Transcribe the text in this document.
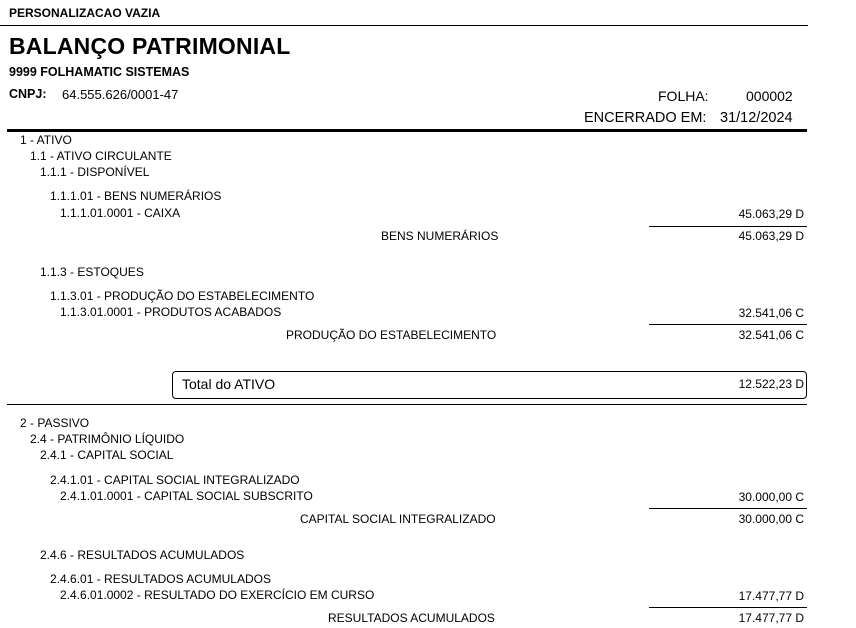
PERSONALIZACAO VAZIA
BALANÇO PATRIMONIAL
9999 FOLHAMATIC SISTEMAS
CNPJ: 64.555.626/0001-47	FOLHA:	000002
ENCERRADO EM: 31/12/2024
1 - ATIVO
1.1 - ATIVO CIRCULANTE
1.1.1 - DISPONÍVEL
1.1.1.01 - BENS NUMERÁRIOS
1.1.1.01.0001 - CAIXA	45.063,29 D
BENS NUMERÁRIOS	45.063,29 D
1.1.3 - ESTOQUES
1.1.3.01 - PRODUÇÃO DO ESTABELECIMENTO
1.1.3.01.0001 - PRODUTOS ACABADOS	32.541,06 C
PRODUÇÃO DO ESTABELECIMENTO	32.541,06 C
Total do ATIVO	12.522,23 D
2 - PASSIVO
2.4 - PATRIMÔNIO LÍQUIDO
2.4.1 - CAPITAL SOCIAL
2.4.1.01 - CAPITAL SOCIAL INTEGRALIZADO
2.4.1.01.0001 - CAPITAL SOCIAL SUBSCRITO	30.000,00 C
CAPITAL SOCIAL INTEGRALIZADO	30.000,00 C
2.4.6 - RESULTADOS ACUMULADOS
2.4.6.01 - RESULTADOS ACUMULADOS
2.4.6.01.0002 - RESULTADO DO EXERCÍCIO EM CURSO	17.477,77 D
RESULTADOS ACUMULADOS	17.477,77 D
